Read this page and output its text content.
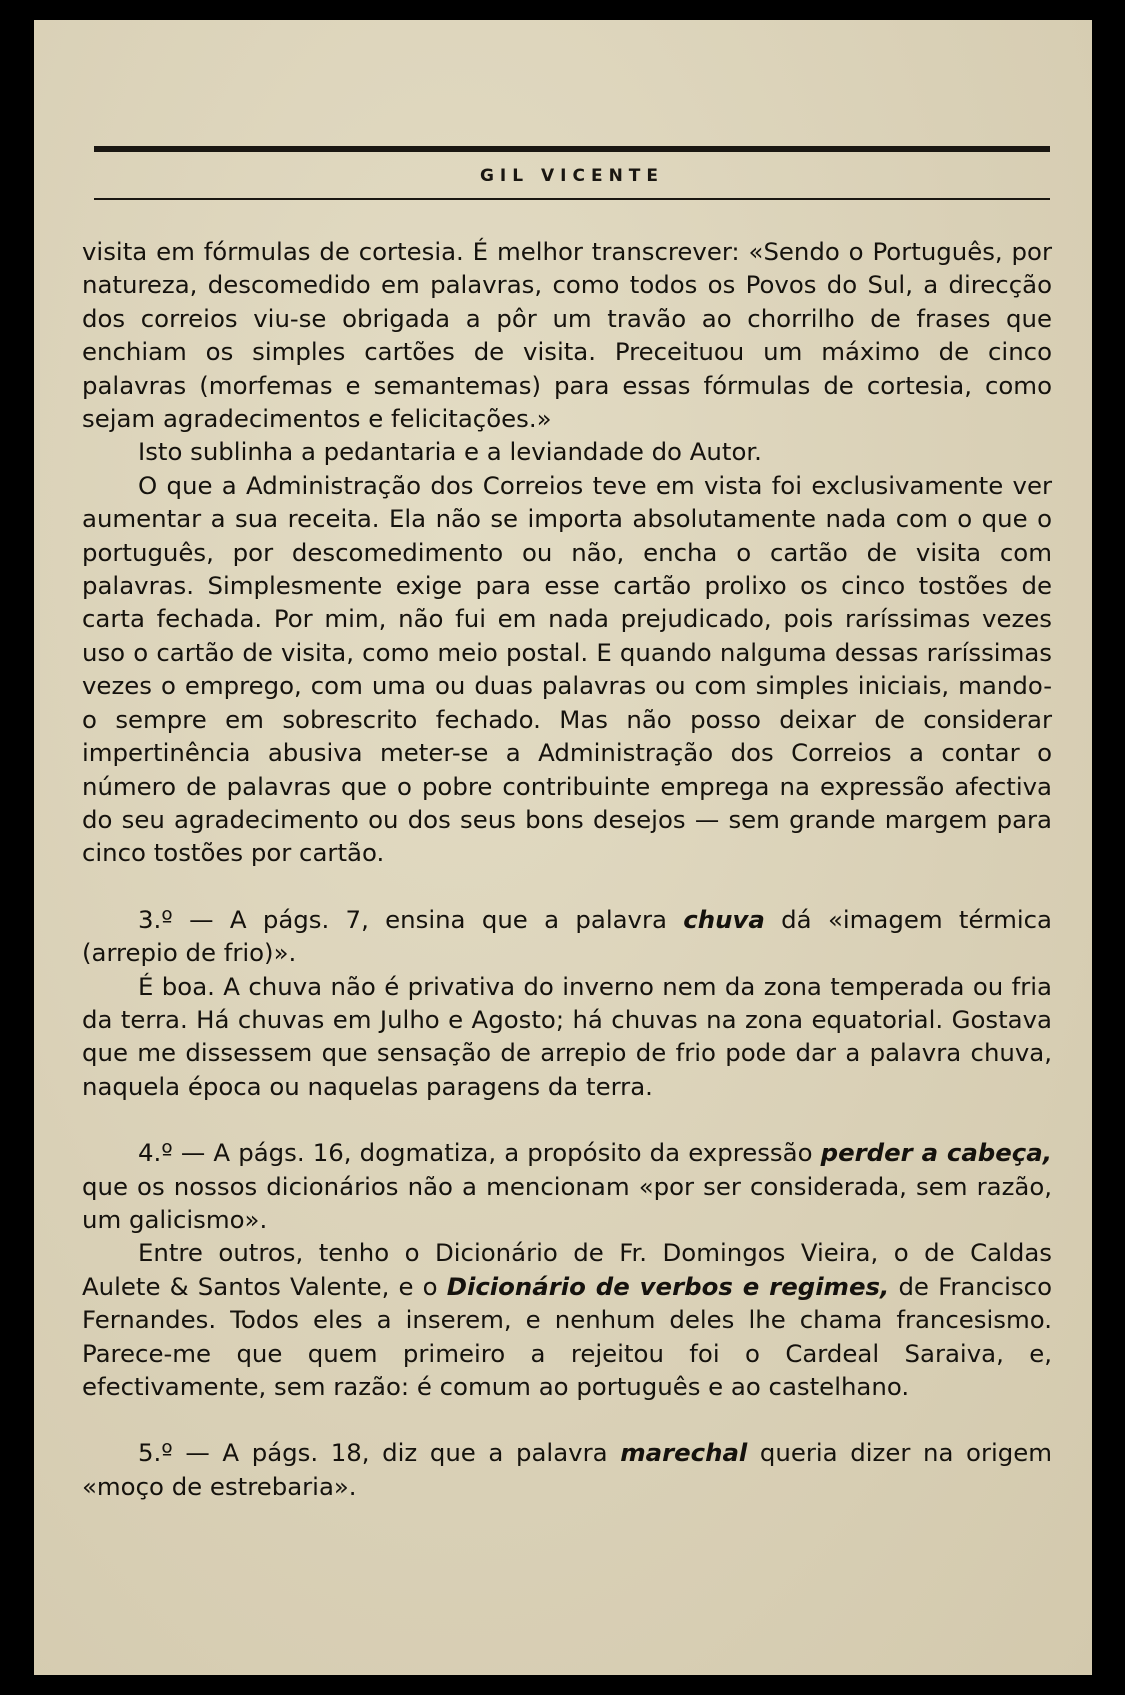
GIL VICENTE

visita em fórmulas de cortesia. É melhor transcrever: «Sendo o Português, por natureza, descomedido em palavras, como todos os Povos do Sul, a direcção dos correios viu-se obrigada a pôr um travão ao chorrilho de frases que enchiam os simples cartões de visita. Preceituou um máximo de cinco palavras (morfemas e semantemas) para essas fórmulas de cortesia, como sejam agradecimentos e felicitações.»

Isto sublinha a pedantaria e a leviandade do Autor.

O que a Administração dos Correios teve em vista foi exclusivamente ver aumentar a sua receita. Ela não se importa absolutamente nada com o que o português, por descomedimento ou não, encha o cartão de visita com palavras. Simplesmente exige para esse cartão prolixo os cinco tostões de carta fechada. Por mim, não fui em nada prejudicado, pois raríssimas vezes uso o cartão de visita, como meio postal. E quando nalguma dessas raríssimas vezes o emprego, com uma ou duas palavras ou com simples iniciais, mando-o sempre em sobrescrito fechado. Mas não posso deixar de considerar impertinência abusiva meter-se a Administração dos Correios a contar o número de palavras que o pobre contribuinte emprega na expressão afectiva do seu agradecimento ou dos seus bons desejos — sem grande margem para cinco tostões por cartão.

3.º — A págs. 7, ensina que a palavra chuva dá «imagem térmica (arrepio de frio)».

É boa. A chuva não é privativa do inverno nem da zona temperada ou fria da terra. Há chuvas em Julho e Agosto; há chuvas na zona equatorial. Gostava que me dissessem que sensação de arrepio de frio pode dar a palavra chuva, naquela época ou naquelas paragens da terra.

4.º — A págs. 16, dogmatiza, a propósito da expressão perder a cabeça, que os nossos dicionários não a mencionam «por ser considerada, sem razão, um galicismo».

Entre outros, tenho o Dicionário de Fr. Domingos Vieira, o de Caldas Aulete & Santos Valente, e o Dicionário de verbos e regimes, de Francisco Fernandes. Todos eles a inserem, e nenhum deles lhe chama francesismo. Parece-me que quem primeiro a rejeitou foi o Cardeal Saraiva, e, efectivamente, sem razão: é comum ao português e ao castelhano.

5.º — A págs. 18, diz que a palavra marechal queria dizer na origem «moço de estrebaria».
